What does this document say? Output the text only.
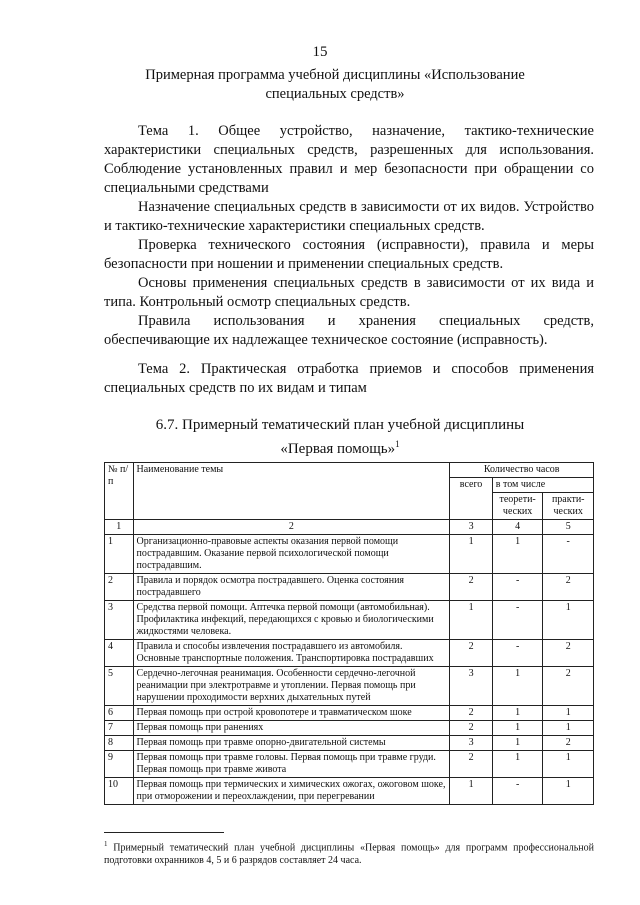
15
Примерная программа учебной дисциплины «Использование специальных средств»

Тема 1. Общее устройство, назначение, тактико-технические характеристики специальных средств, разрешенных для использования. Соблюдение установленных правил и мер безопасности при обращении со специальными средствами

Назначение специальных средств в зависимости от их видов. Устройство и тактико-технические характеристики специальных средств.

Проверка технического состояния (исправности), правила и меры безопасности при ношении и применении специальных средств.

Основы применения специальных средств в зависимости от их вида и типа. Контрольный осмотр специальных средств.

Правила использования и хранения специальных средств, обеспечивающие их надлежащее техническое состояние (исправность).

Тема 2. Практическая отработка приемов и способов применения специальных средств по их видам и типам

6.7. Примерный тематический план учебной дисциплины
«Первая помощь»$^1$
№ п/п	Наименование темы	Количество часов		
		всего	в том числе	
			теорети-ческих	практи-ческих
1	2	3	4	5
1	Организационно-правовые аспекты оказания первой помощи пострадавшим. Оказание первой психологической помощи пострадавшим.	1	1	-
2	Правила и порядок осмотра пострадавшего. Оценка состояния пострадавшего	2	-	2
3	Средства первой помощи. Аптечка первой помощи (автомобильная). Профилактика инфекций, передающихся с кровью и биологическими жидкостями человека.	1	-	1
4	Правила и способы извлечения пострадавшего из автомобиля. Основные транспортные положения. Транспортировка пострадавших	2	-	2
5	Сердечно-легочная реанимация. Особенности сердечно-легочной реанимации при электротравме и утоплении. Первая помощь при нарушении проходимости верхних дыхательных путей	3	1	2
6	Первая помощь при острой кровопотере и травматическом шоке	2	1	1
7	Первая помощь при ранениях	2	1	1
8	Первая помощь при травме опорно-двигательной системы	3	1	2
9	Первая помощь при травме головы. Первая помощь при травме груди. Первая помощь при травме живота	2	1	1
10	Первая помощь при термических и химических ожогах, ожоговом шоке, при отморожении и переохлаждении, при перегревании	1	-	1
$^1$ Примерный тематический план учебной дисциплины «Первая помощь» для программ профессиональной подготовки охранников 4, 5 и 6 разрядов составляет 24 часа.
